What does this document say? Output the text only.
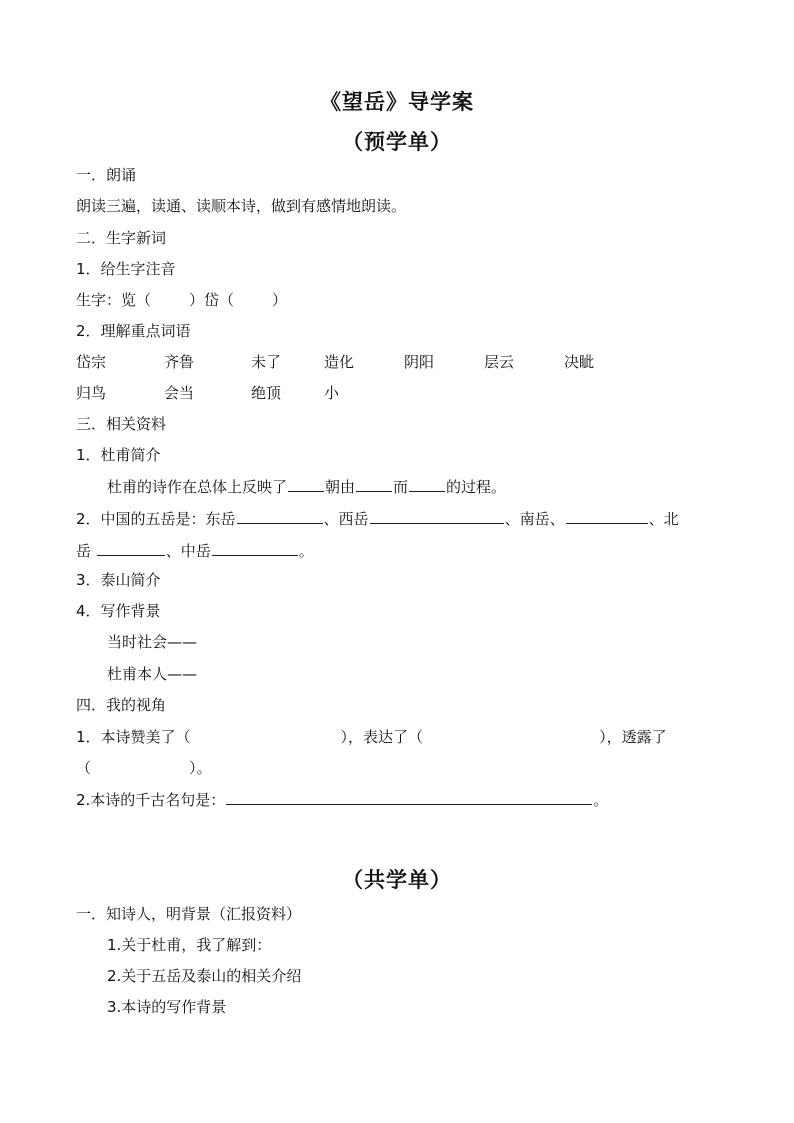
《望岳》导学案
（预学单）
一．朗诵
朗读三遍，读通、读顺本诗，做到有感情地朗读。
二．生字新词
1．给生字注音
生字：览（	）岱（	）
2．理解重点词语
岱宗	齐鲁	未了	造化	阴阳	层云	决眦
归鸟	会当	绝顶	小
三．相关资料
1．杜甫简介
杜甫的诗作在总体上反映了	朝由	而	的过程。
2．中国的五岳是：东岳	、西岳	、南岳、	、北
岳	、中岳	。
3．泰山简介
4．写作背景
当时社会——
杜甫本人——
四．我的视角
1．本诗赞美了（	），表达了（	），透露了
（	）。
2.本诗的千古名句是：	。
（共学单）
一．知诗人，明背景（汇报资料）
1.关于杜甫，我了解到：
2.关于五岳及泰山的相关介绍
3.本诗的写作背景
